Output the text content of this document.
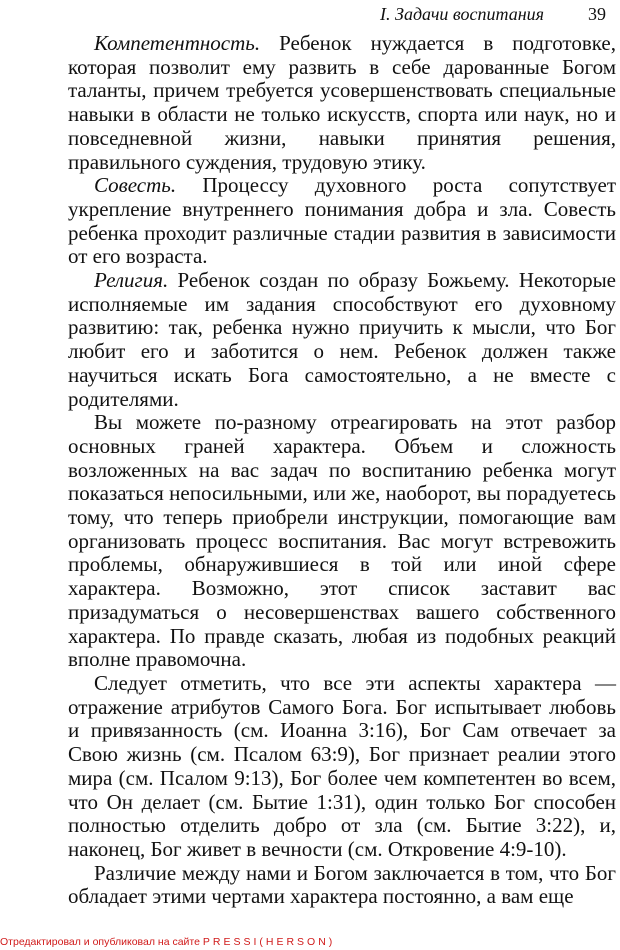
I. Задачи воспитания 39

Компетентность. Ребенок нуждается в подготовке, которая позволит ему развить в себе дарованные Богом таланты, причем требуется усовершенствовать специальные навыки в области не только искусств, спорта или наук, но и повседневной жизни, навыки принятия решения, правильного суждения, трудовую этику.

Совесть. Процессу духовного роста сопутствует укрепление внутреннего понимания добра и зла. Совесть ребенка проходит различные стадии развития в зависимости от его возраста.

Религия. Ребенок создан по образу Божьему. Некоторые исполняемые им задания способствуют его духовному развитию: так, ребенка нужно приучить к мысли, что Бог любит его и заботится о нем. Ребенок должен также научиться искать Бога самостоятельно, а не вместе с родителями.

Вы можете по-разному отреагировать на этот разбор основных граней характера. Объем и сложность возложенных на вас задач по воспитанию ребенка могут показаться непосильными, или же, наоборот, вы порадуетесь тому, что теперь приобрели инструкции, помогающие вам организовать процесс воспитания. Вас могут встревожить проблемы, обнаружившиеся в той или иной сфере характера. Возможно, этот список заставит вас призадуматься о несовершенствах вашего собственного характера. По правде сказать, любая из подобных реакций вполне правомочна.

Следует отметить, что все эти аспекты характера — отражение атрибутов Самого Бога. Бог испытывает любовь и привязанность (см. Иоанна 3:16), Бог Сам отвечает за Свою жизнь (см. Псалом 63:9), Бог признает реалии этого мира (см. Псалом 9:13), Бог более чем компетентен во всем, что Он делает (см. Бытие 1:31), один только Бог способен полностью отделить добро от зла (см. Бытие 3:22), и, наконец, Бог живет в вечности (см. Откровение 4:9-10).

Различие между нами и Богом заключается в том, что Бог обладает этими чертами характера постоянно, а вам еще

Отредактировал и опубликовал на сайте PRESSI(HERSON)
